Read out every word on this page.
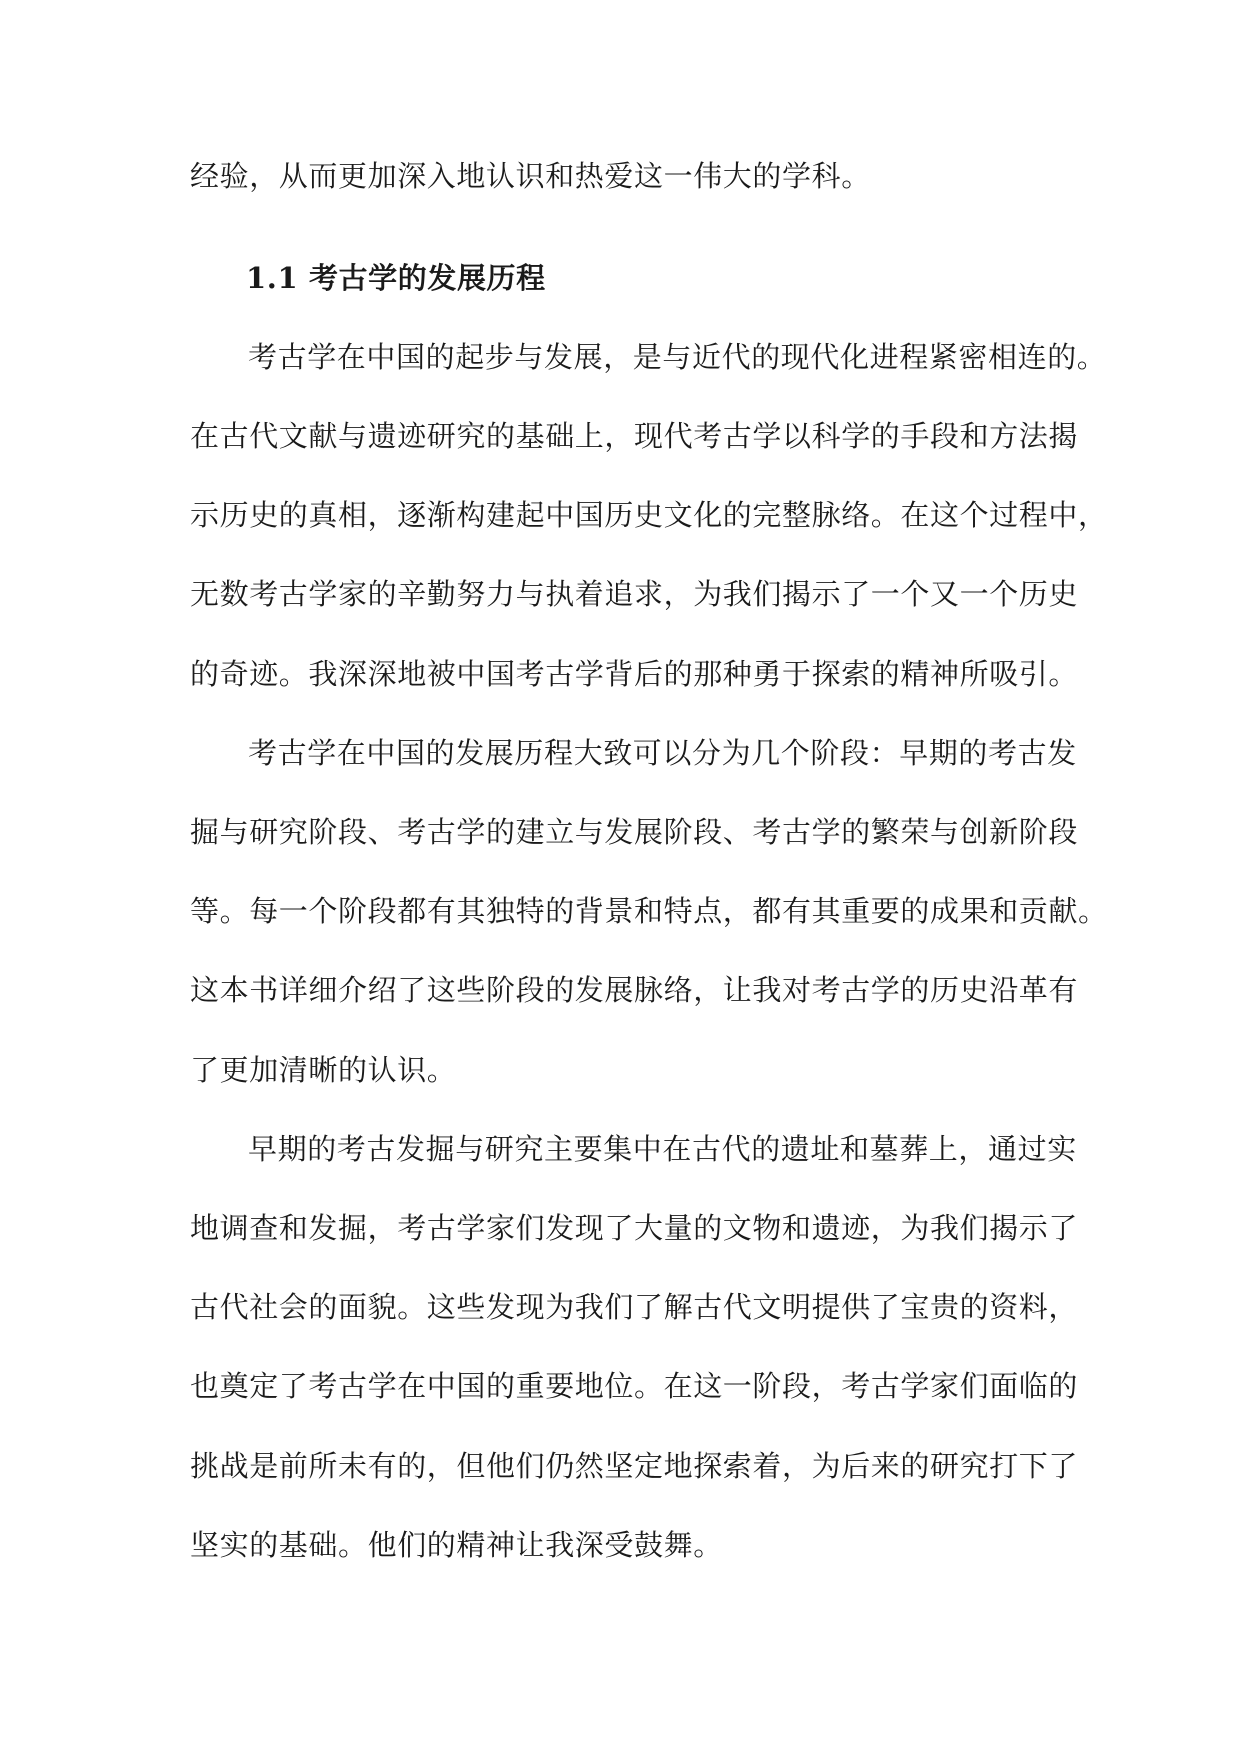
经验，从而更加深入地认识和热爱这一伟大的学科。
1.1 考古学的发展历程
考古学在中国的起步与发展，是与近代的现代化进程紧密相连的。
在古代文献与遗迹研究的基础上，现代考古学以科学的手段和方法揭
示历史的真相，逐渐构建起中国历史文化的完整脉络。在这个过程中，
无数考古学家的辛勤努力与执着追求，为我们揭示了一个又一个历史
的奇迹。我深深地被中国考古学背后的那种勇于探索的精神所吸引。
考古学在中国的发展历程大致可以分为几个阶段：早期的考古发
掘与研究阶段、考古学的建立与发展阶段、考古学的繁荣与创新阶段
等。每一个阶段都有其独特的背景和特点，都有其重要的成果和贡献。
这本书详细介绍了这些阶段的发展脉络，让我对考古学的历史沿革有
了更加清晰的认识。
早期的考古发掘与研究主要集中在古代的遗址和墓葬上，通过实
地调查和发掘，考古学家们发现了大量的文物和遗迹，为我们揭示了
古代社会的面貌。这些发现为我们了解古代文明提供了宝贵的资料，
也奠定了考古学在中国的重要地位。在这一阶段，考古学家们面临的
挑战是前所未有的，但他们仍然坚定地探索着，为后来的研究打下了
坚实的基础。他们的精神让我深受鼓舞。
